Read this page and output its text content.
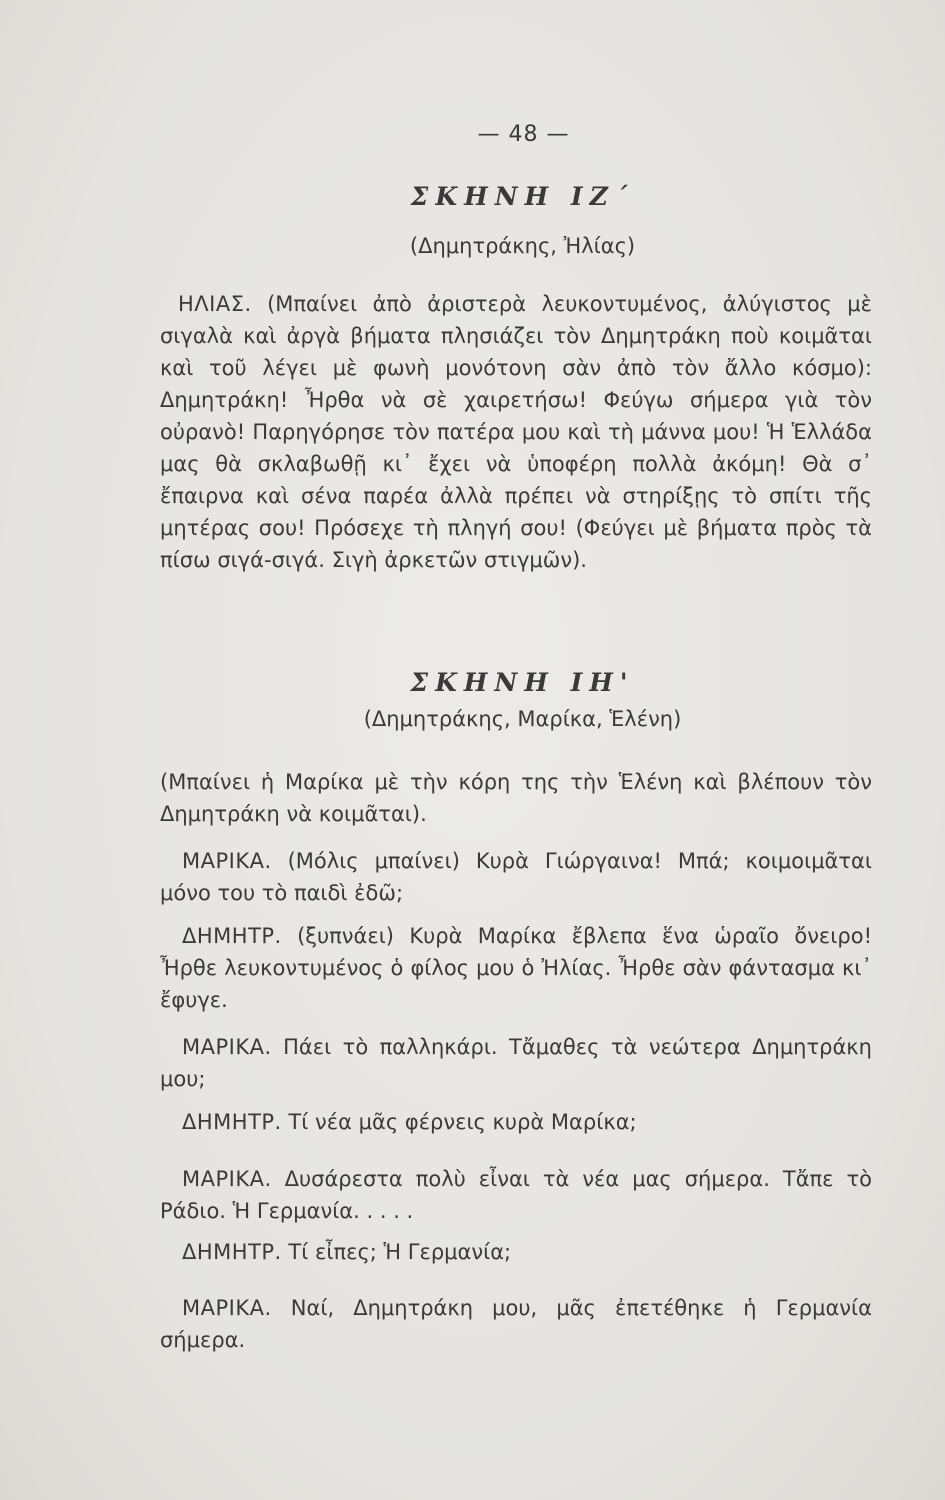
— 48 —
ΣΚΗΝΗ ΙΖ΄
(Δημητράκης, Ἠλίας)

ΗΛΙΑΣ. (Μπαίνει ἀπὸ ἀριστερὰ λευκοντυμένος, ἀλύγιστος μὲ σιγαλὰ καὶ ἀργὰ βήματα πλησιάζει τὸν Δημητράκη ποὺ κοιμᾶται καὶ τοῦ λέγει μὲ φωνὴ μονότονη σὰν ἀπὸ τὸν ἄλλο κόσμο): Δημητράκη! Ἦρθα νὰ σὲ χαιρετήσω! Φεύγω σήμερα γιὰ τὸν οὐρανὸ! Παρηγόρησε τὸν πατέρα μου καὶ τὴ μάννα μου! Ἡ Ἑλλάδα μας θὰ σκλαβωθῇ κι᾽ ἔχει νὰ ὑποφέρη πολλὰ ἀκόμη! Θὰ σ᾽ ἔπαιρνα καὶ σένα παρέα ἀλλὰ πρέπει νὰ στηρίξῃς τὸ σπίτι τῆς μητέρας σου! Πρόσεχε τὴ πληγή σου! (Φεύγει μὲ βήματα πρὸς τὰ πίσω σιγά-σιγά. Σιγὴ ἀρκετῶν στιγμῶν).

ΣΚΗΝΗ ΙΗ'
(Δημητράκης, Μαρίκα, Ἑλένη)

(Μπαίνει ἡ Μαρίκα μὲ τὴν κόρη της τὴν Ἑλένη καὶ βλέπουν τὸν Δημητράκη νὰ κοιμᾶται).

ΜΑΡΙΚΑ. (Μόλις μπαίνει) Κυρὰ Γιώργαινα! Μπά; κοιμοιμᾶται μόνο του τὸ παιδὶ ἐδῶ;

ΔΗΜΗΤΡ. (ξυπνάει) Κυρὰ Μαρίκα ἔβλεπα ἕνα ὡραῖο ὄνειρο! Ἦρθε λευκοντυμένος ὁ φίλος μου ὁ Ἠλίας. Ἦρθε σὰν φάντασμα κι᾽ ἔφυγε.

ΜΑΡΙΚΑ. Πάει τὸ παλληκάρι. Τἄμαθες τὰ νεώτερα Δημητράκη μου;

ΔΗΜΗΤΡ. Τί νέα μᾶς φέρνεις κυρὰ Μαρίκα;

ΜΑΡΙΚΑ. Δυσάρεστα πολὺ εἶναι τὰ νέα μας σήμερα. Τἄπε τὸ Ράδιο. Ἡ Γερμανία. . . . .

ΔΗΜΗΤΡ. Τί εἶπες; Ἡ Γερμανία;

ΜΑΡΙΚΑ. Ναί, Δημητράκη μου, μᾶς ἐπετέθηκε ἡ Γερμανία σήμερα.
